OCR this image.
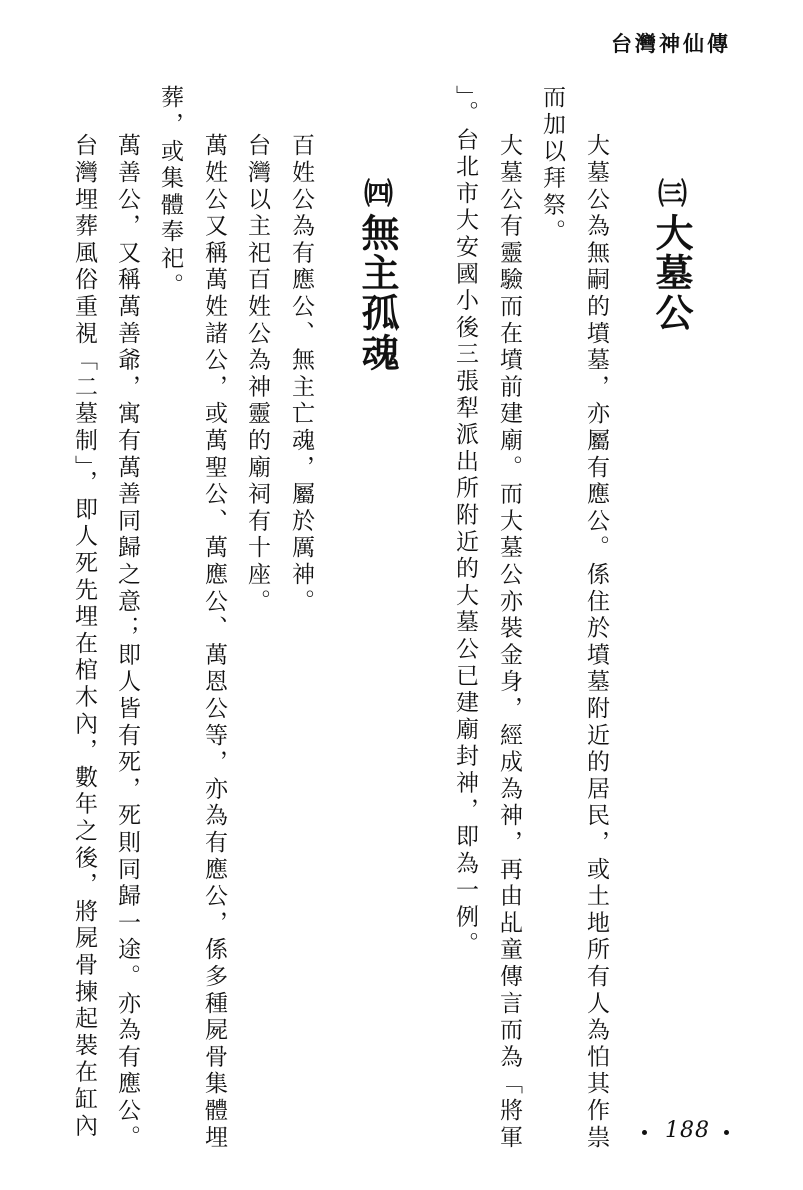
台灣神仙傳
㈢大墓公
大墓公為無嗣的墳墓，亦屬有應公。係住於墳墓附近的居民，或土地所有人為怕其作祟
而加以拜祭。
大墓公有靈驗而在墳前建廟。而大墓公亦裝金身，經成為神，再由乩童傳言而為「將軍
」。台北市大安國小後三張犁派出所附近的大墓公已建廟封神，即為一例。
㈣無主孤魂
百姓公為有應公、無主亡魂，屬於厲神。
台灣以主祀百姓公為神靈的廟祠有十座。
萬姓公又稱萬姓諸公，或萬聖公、萬應公、萬恩公等，亦為有應公，係多種屍骨集體埋
葬，或集體奉祀。
萬善公，又稱萬善爺，寓有萬善同歸之意；即人皆有死，死則同歸一途。亦為有應公。
台灣埋葬風俗重視「二墓制」，即人死先埋在棺木內，數年之後，將屍骨揀起裝在缸內	188
